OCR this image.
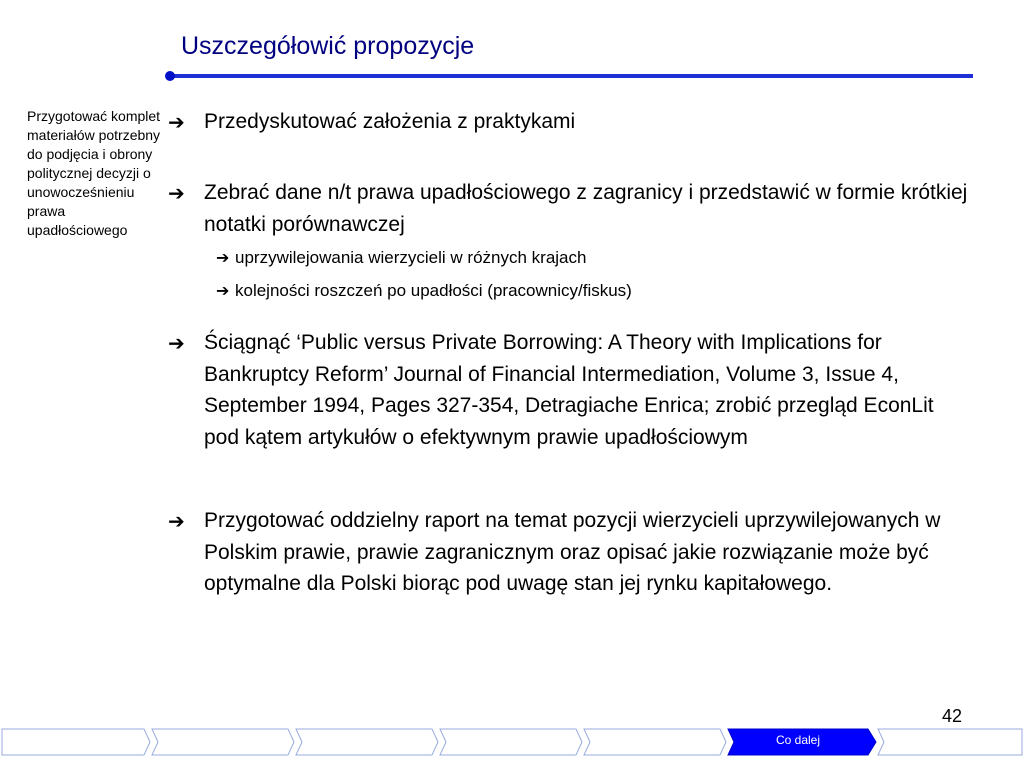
Uszczegółowić propozycje
Przygotować komplet materiałów potrzebny do podjęcia i obrony politycznej decyzji o unowocześnieniu prawa upadłościowego
➔ Przedyskutować założenia z praktykami
➔ Zebrać dane n/t prawa upadłościowego z zagranicy i przedstawić w formie krótkiej notatki porównawczej
➔ uprzywilejowania wierzycieli w różnych krajach
➔ kolejności roszczeń po upadłości (pracownicy/fiskus)
➔ Ściągnąć ‘Public versus Private Borrowing: A Theory with Implications for Bankruptcy Reform’ Journal of Financial Intermediation, Volume 3, Issue 4, September 1994, Pages 327-354, Detragiache Enrica; zrobić przegląd EconLit pod kątem artykułów o efektywnym prawie upadłościowym
➔ Przygotować oddzielny raport na temat pozycji wierzycieli uprzywilejowanych w Polskim prawie, prawie zagranicznym oraz opisać jakie rozwiązanie może być optymalne dla Polski biorąc pod uwagę stan jej rynku kapitałowego.
42
Co dalej
